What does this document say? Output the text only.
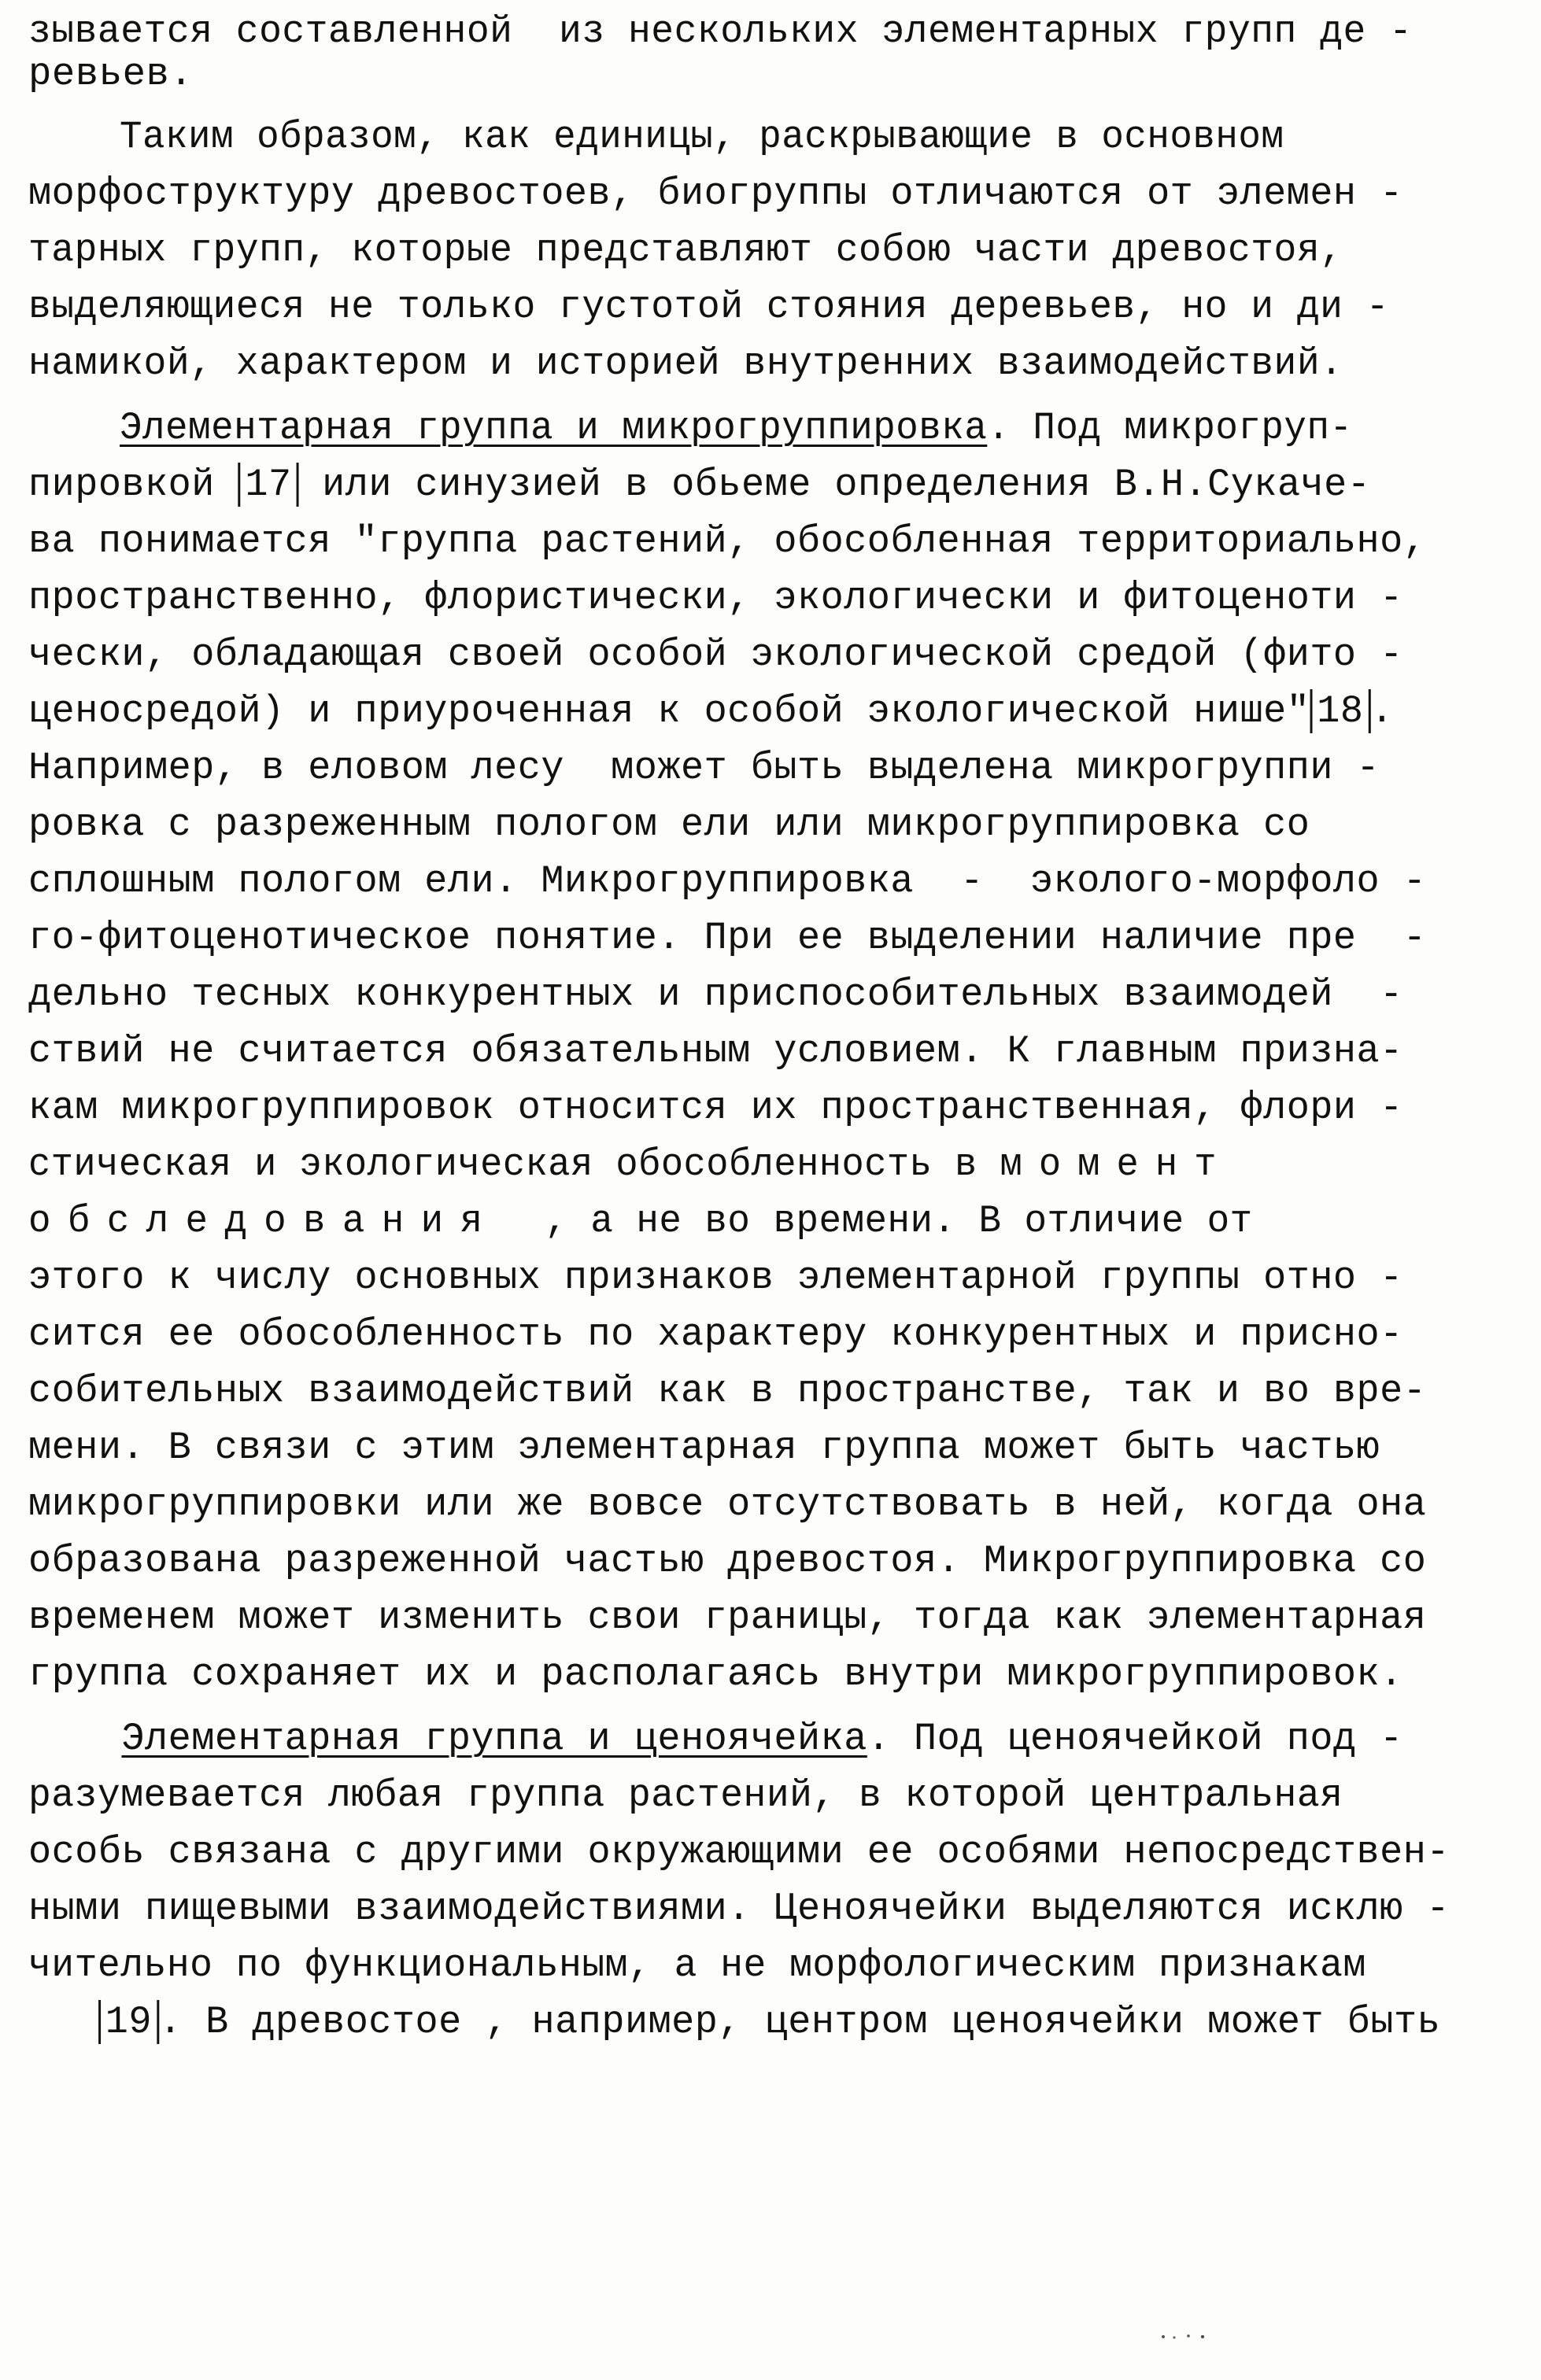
зывается составленной  из нескольких элементарных групп де -
ревьев.
Таким образом, как единицы, раскрывающие в основном
морфоструктуру древостоев, биогруппы отличаются от элемен -
тарных групп, которые представляют собою части древостоя,
выделяющиеся не только густотой стояния деревьев, но и ди -
намикой, характером и историей внутренних взаимодействий.
Элементарная группа и микрогруппировка. Под микрогруп-
пировкой 17 или синузией в обьеме определения В.Н.Сукаче-
ва понимается "группа растений, обособленная территориально,
пространственно, флористически, экологически и фитоценоти -
чески, обладающая своей особой экологической средой (фито -
ценосредой) и приуроченная к особой экологической нише" 18 .
Например, в еловом лесу  может быть выделена микрогруппи -
ровка с разреженным пологом ели или микрогруппировка со
сплошным пологом ели. Микрогруппировка  -  эколого-морфоло -
го-фитоценотическое понятие. При ее выделении наличие пре  -
дельно тесных конкурентных и приспособительных взаимодей  -
ствий не считается обязательным условием. К главным призна-
кам микрогруппировок относится их пространственная, флори -
стическая и экологическая обособленность в момент
обследования  , а не во времени. В отличие от
этого к числу основных признаков элементарной группы отно -
сится ее обособленность по характеру конкурентных и присно-
собительных взаимодействий как в пространстве, так и во вре-
мени. В связи с этим элементарная группа может быть частью
микрогруппировки или же вовсе отсутствовать в ней, когда она
образована разреженной частью древостоя. Микрогруппировка со
временем может изменить свои границы, тогда как элементарная
группа сохраняет их и располагаясь внутри микрогруппировок.
Элементарная группа и ценоячейка. Под ценоячейкой под -
разумевается любая группа растений, в которой центральная
особь связана с другими окружающими ее особями непосредствен-
ными пищевыми взаимодействиями. Ценоячейки выделяются исклю -
чительно по функциональным, а не морфологическим признакам
19 . В древостое , например, центром ценоячейки может быть
